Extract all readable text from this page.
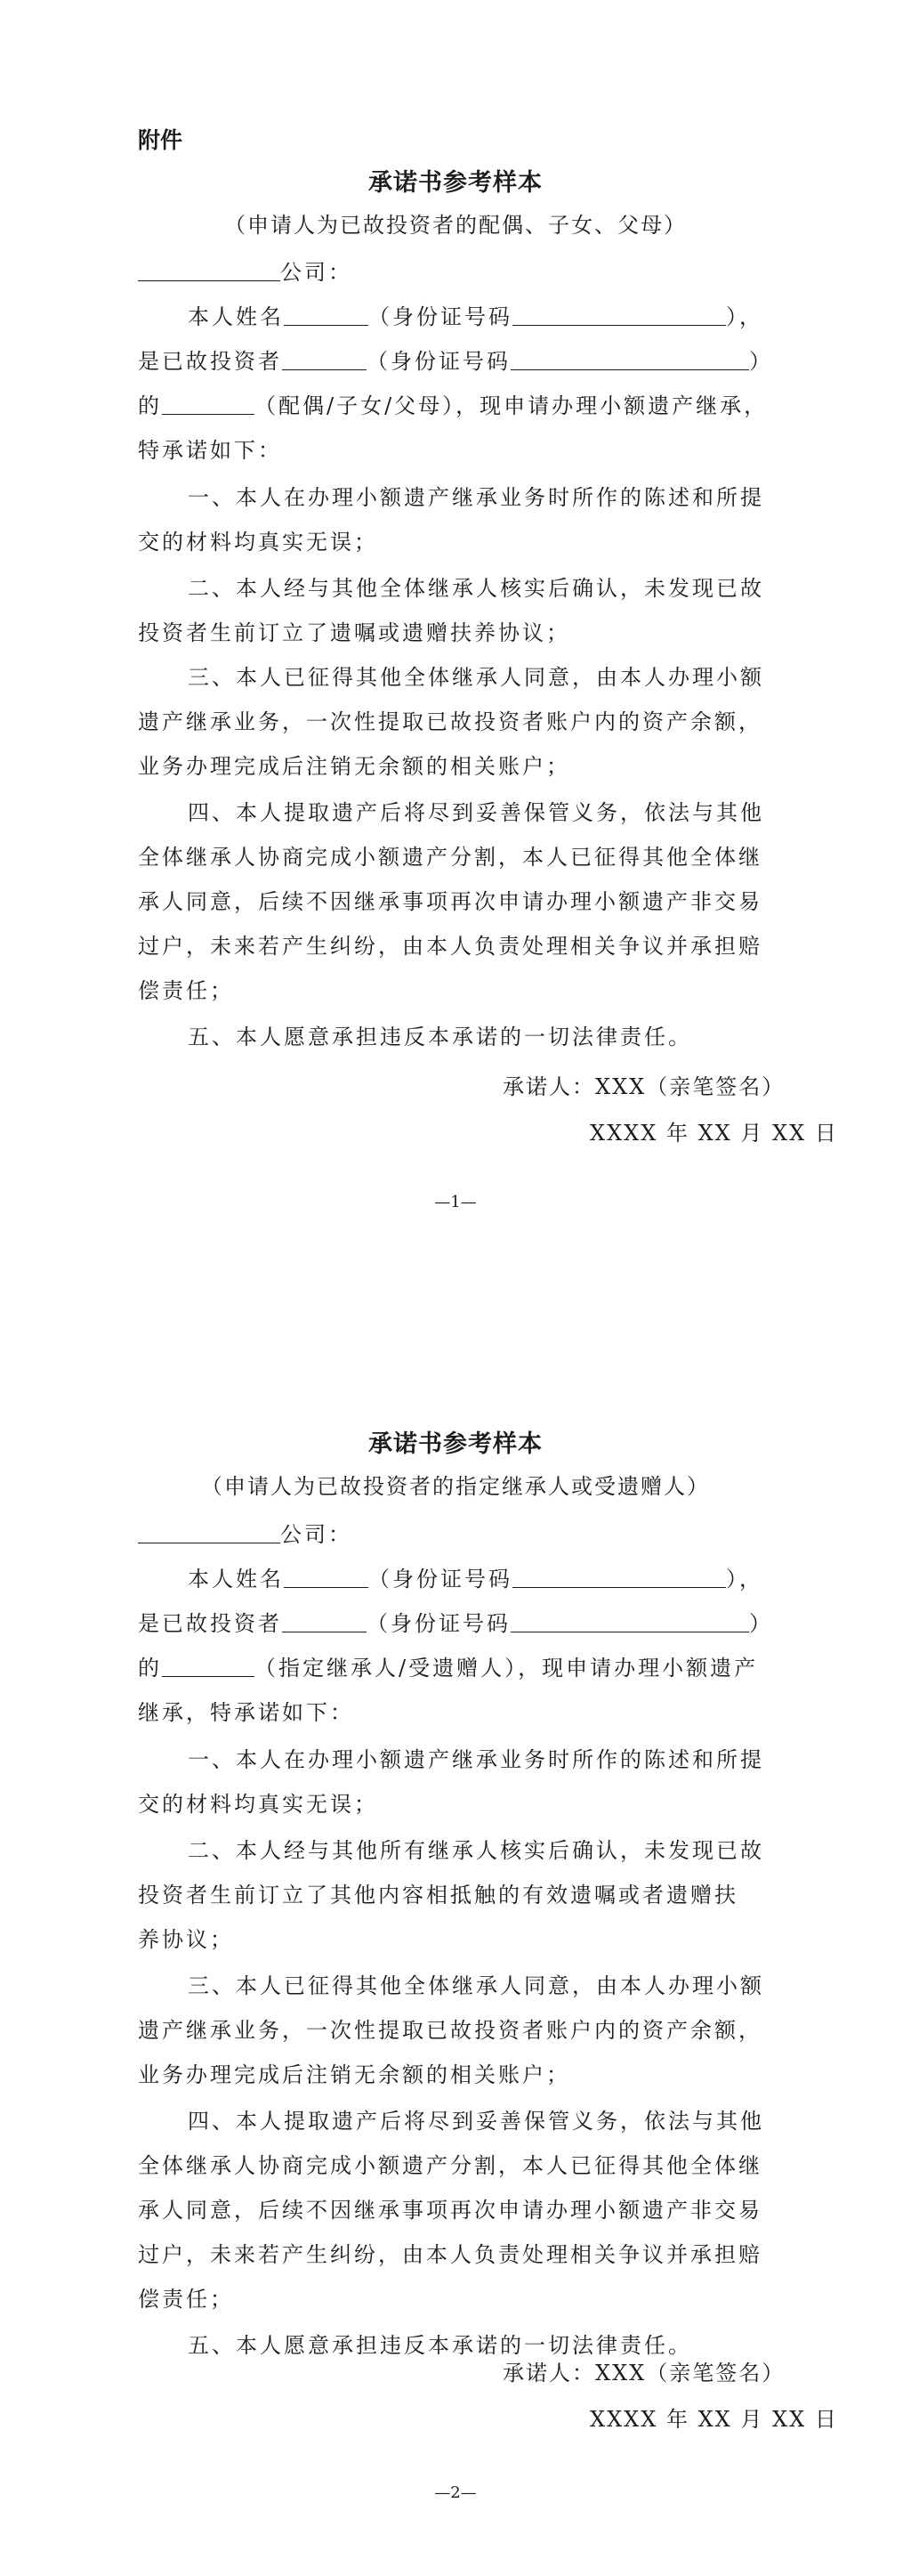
附件
承诺书参考样本
（申请人为已故投资者的配偶、子女、父母）
公司：
本人姓名	（身份证号码	），
是已故投资者	（身份证号码	）
的	（配偶/子女/父母），现申请办理小额遗产继承，
特承诺如下：
一、本人在办理小额遗产继承业务时所作的陈述和所提
交的材料均真实无误；
二、本人经与其他全体继承人核实后确认，未发现已故
投资者生前订立了遗嘱或遗赠扶养协议；
三、本人已征得其他全体继承人同意，由本人办理小额
遗产继承业务，一次性提取已故投资者账户内的资产余额，
业务办理完成后注销无余额的相关账户；
四、本人提取遗产后将尽到妥善保管义务，依法与其他
全体继承人协商完成小额遗产分割，本人已征得其他全体继
承人同意，后续不因继承事项再次申请办理小额遗产非交易
过户，未来若产生纠纷，由本人负责处理相关争议并承担赔
偿责任；
五、本人愿意承担违反本承诺的一切法律责任。
承诺人：XXX（亲笔签名）
XXXX 年 XX 月 XX 日
—1—
承诺书参考样本
（申请人为已故投资者的指定继承人或受遗赠人）
公司：
本人姓名	（身份证号码	），
是已故投资者	（身份证号码	）
的	（指定继承人/受遗赠人），现申请办理小额遗产
继承，特承诺如下：
一、本人在办理小额遗产继承业务时所作的陈述和所提
交的材料均真实无误；
二、本人经与其他所有继承人核实后确认，未发现已故
投资者生前订立了其他内容相抵触的有效遗嘱或者遗赠扶
养协议；
三、本人已征得其他全体继承人同意，由本人办理小额
遗产继承业务，一次性提取已故投资者账户内的资产余额，
业务办理完成后注销无余额的相关账户；
四、本人提取遗产后将尽到妥善保管义务，依法与其他
全体继承人协商完成小额遗产分割，本人已征得其他全体继
承人同意，后续不因继承事项再次申请办理小额遗产非交易
过户，未来若产生纠纷，由本人负责处理相关争议并承担赔
偿责任；
五、本人愿意承担违反本承诺的一切法律责任。
承诺人：XXX（亲笔签名）
XXXX 年 XX 月 XX 日
—2—
